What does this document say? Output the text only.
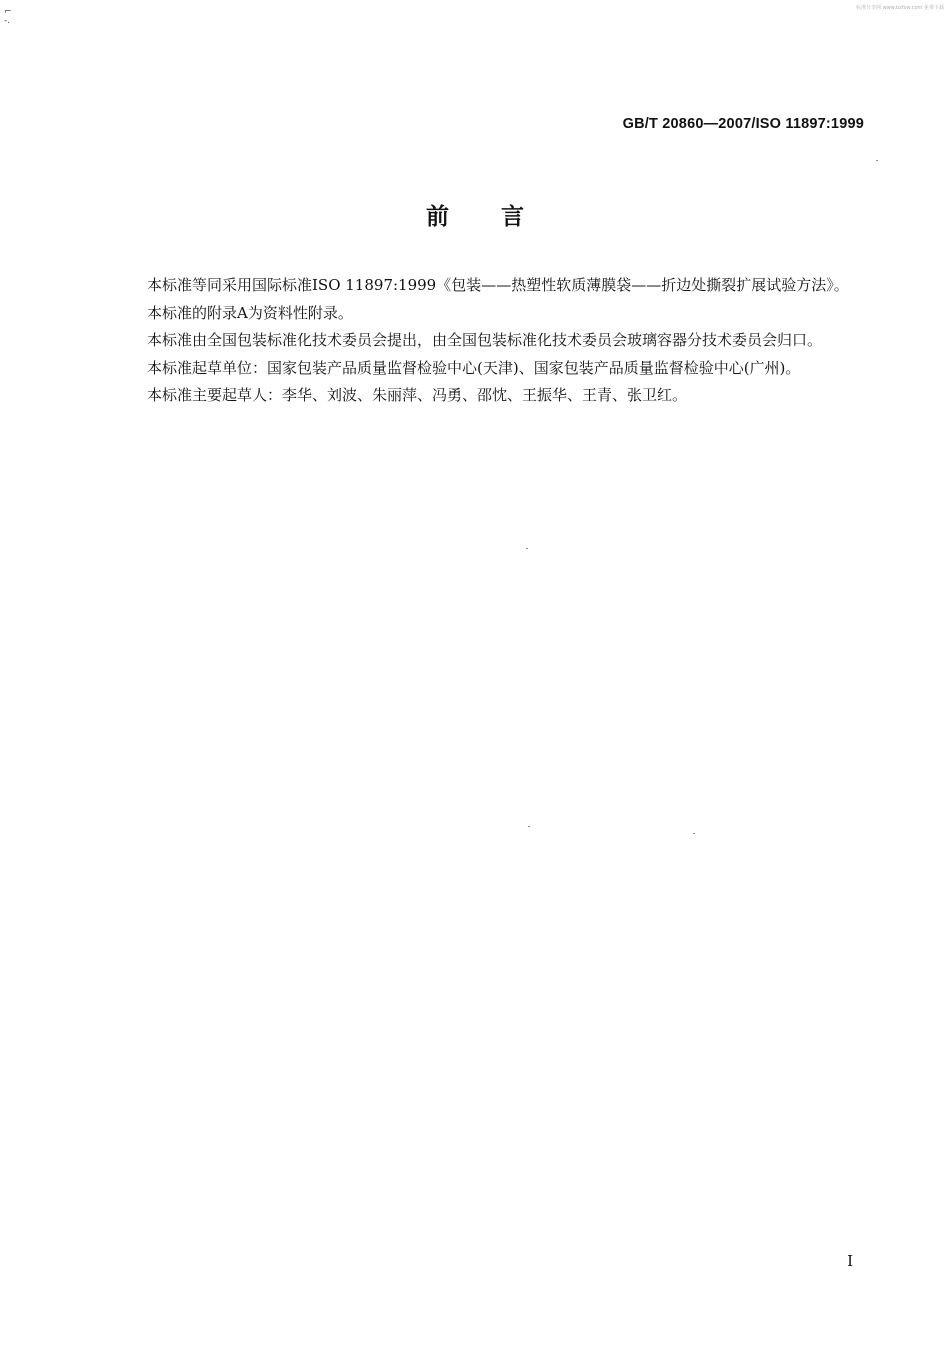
标准分享网 www.bzfxw.com 免费下载
⌐
‐.
GB/T 20860—2007/ISO 11897:1999
前言

本标准等同采用国际标准ISO 11897:1999《包装——热塑性软质薄膜袋——折边处撕裂扩展试验方法》。

本标准的附录A为资料性附录。

本标准由全国包装标准化技术委员会提出，由全国包装标准化技术委员会玻璃容器分技术委员会归口。

本标准起草单位：国家包装产品质量监督检验中心(天津)、国家包装产品质量监督检验中心(广州)。

本标准主要起草人：李华、刘波、朱丽萍、冯勇、邵忱、王振华、王青、张卫红。

I
